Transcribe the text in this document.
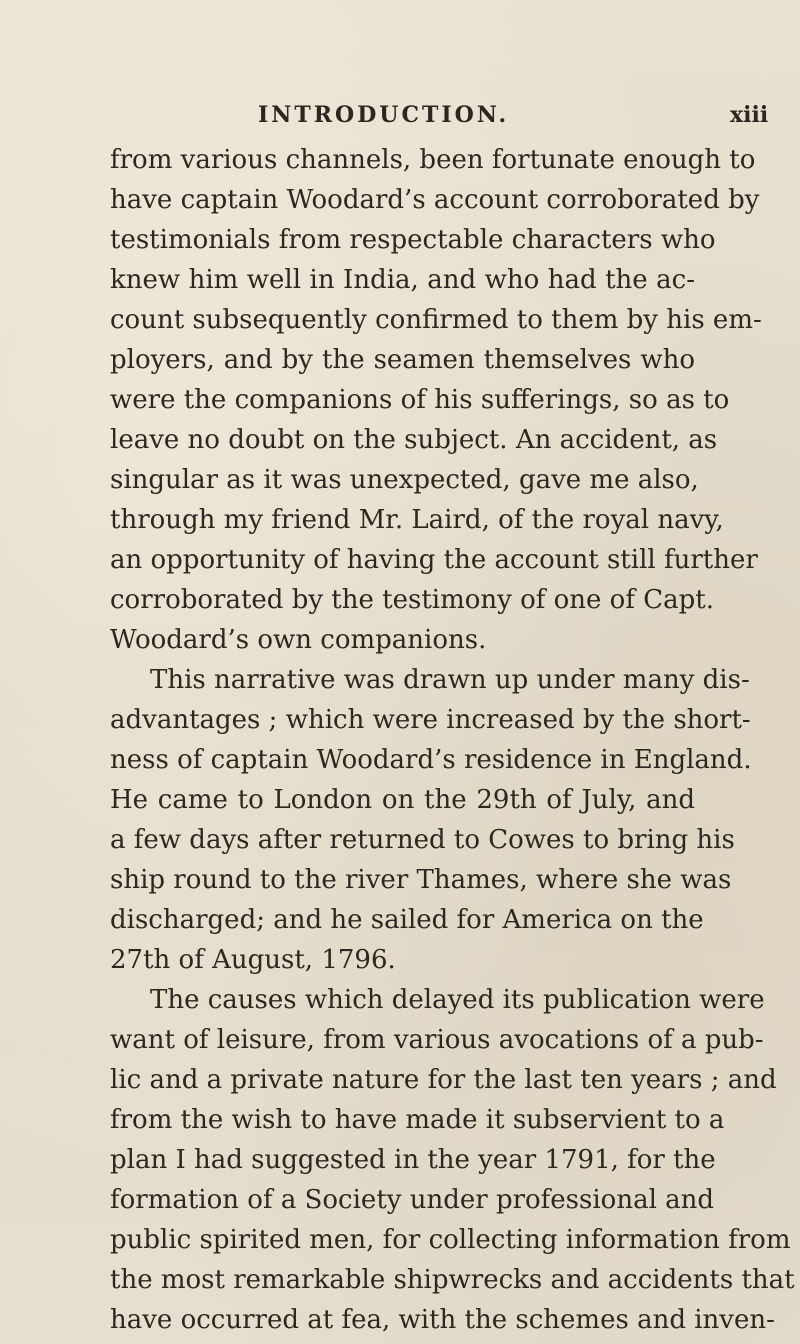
INTRODUCTION.	xiii
from various channels, been fortunate enough to
have captain Woodard’s account corroborated by
testimonials from respectable characters who
knew him well in India, and who had the ac-
count subsequently confirmed to them by his em-
ployers, and by the seamen themselves who
were the companions of his sufferings, so as to
leave no doubt on the subject. An accident, as
singular as it was unexpected, gave me also,
through my friend Mr. Laird, of the royal navy,
an opportunity of having the account still further
corroborated by the testimony of one of Capt.
Woodard’s own companions.
This narrative was drawn up under many dis-
advantages ; which were increased by the short-
ness of captain Woodard’s residence in England.
He came to London on the 29th of July, and
a few days after returned to Cowes to bring his
ship round to the river Thames, where she was
discharged; and he sailed for America on the
27th of August, 1796.
The causes which delayed its publication were
want of leisure, from various avocations of a pub-
lic and a private nature for the last ten years ; and
from the wish to have made it subservient to a
plan I had suggested in the year 1791, for the
formation of a Society under professional and
public spirited men, for collecting information from
the most remarkable shipwrecks and accidents that
have occurred at fea, with the schemes and inven-
